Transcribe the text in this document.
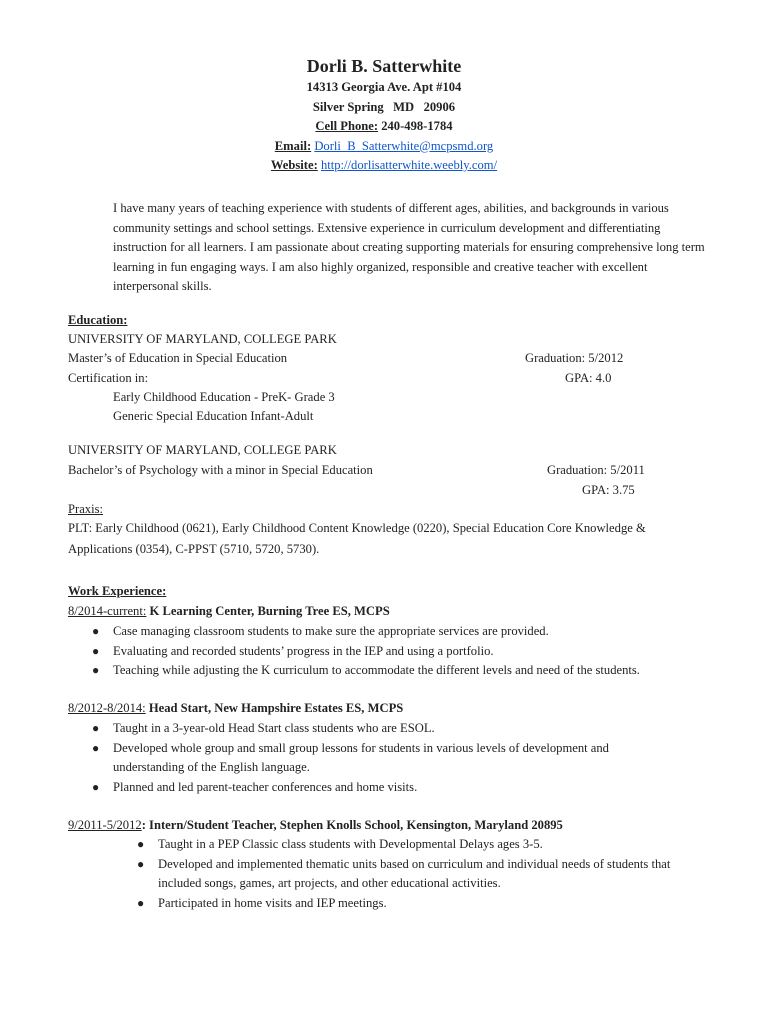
Dorli B. Satterwhite
14313 Georgia Ave. Apt #104
Silver Spring   MD   20906
Cell Phone: 240-498-1784
Email: Dorli_B_Satterwhite@mcpsmd.org
Website: http://dorlisatterwhite.weebly.com/
I have many years of teaching experience with students of different ages, abilities, and backgrounds in various community settings and school settings. Extensive experience in curriculum development and differentiating instruction for all learners. I am passionate about creating supporting materials for ensuring comprehensive long term learning in fun engaging ways. I am also highly organized, responsible and creative teacher with excellent interpersonal skills.
Education:
UNIVERSITY OF MARYLAND, COLLEGE PARK
Master’s of Education in Special Education	Graduation: 5/2012
Certification in:	GPA: 4.0
Early Childhood Education - PreK- Grade 3
Generic Special Education Infant-Adult
UNIVERSITY OF MARYLAND, COLLEGE PARK
Bachelor’s of Psychology with a minor in Special Education	Graduation: 5/2011
GPA: 3.75
Praxis:
PLT: Early Childhood (0621), Early Childhood Content Knowledge (0220), Special Education Core Knowledge &
Applications (0354), C-PPST (5710, 5720, 5730).
Work Experience:
8/2014-current: K Learning Center, Burning Tree ES, MCPS
● Case managing classroom students to make sure the appropriate services are provided.
● Evaluating and recorded students’ progress in the IEP and using a portfolio.
● Teaching while adjusting the K curriculum to accommodate the different levels and need of the students.
8/2012-8/2014: Head Start, New Hampshire Estates ES, MCPS
● Taught in a 3-year-old Head Start class students who are ESOL.
● Developed whole group and small group lessons for students in various levels of development and understanding of the English language.
● Planned and led parent-teacher conferences and home visits.
9/2011-5/2012: Intern/Student Teacher, Stephen Knolls School, Kensington, Maryland 20895
● Taught in a PEP Classic class students with Developmental Delays ages 3-5.
● Developed and implemented thematic units based on curriculum and individual needs of students that included songs, games, art projects, and other educational activities.
● Participated in home visits and IEP meetings.
